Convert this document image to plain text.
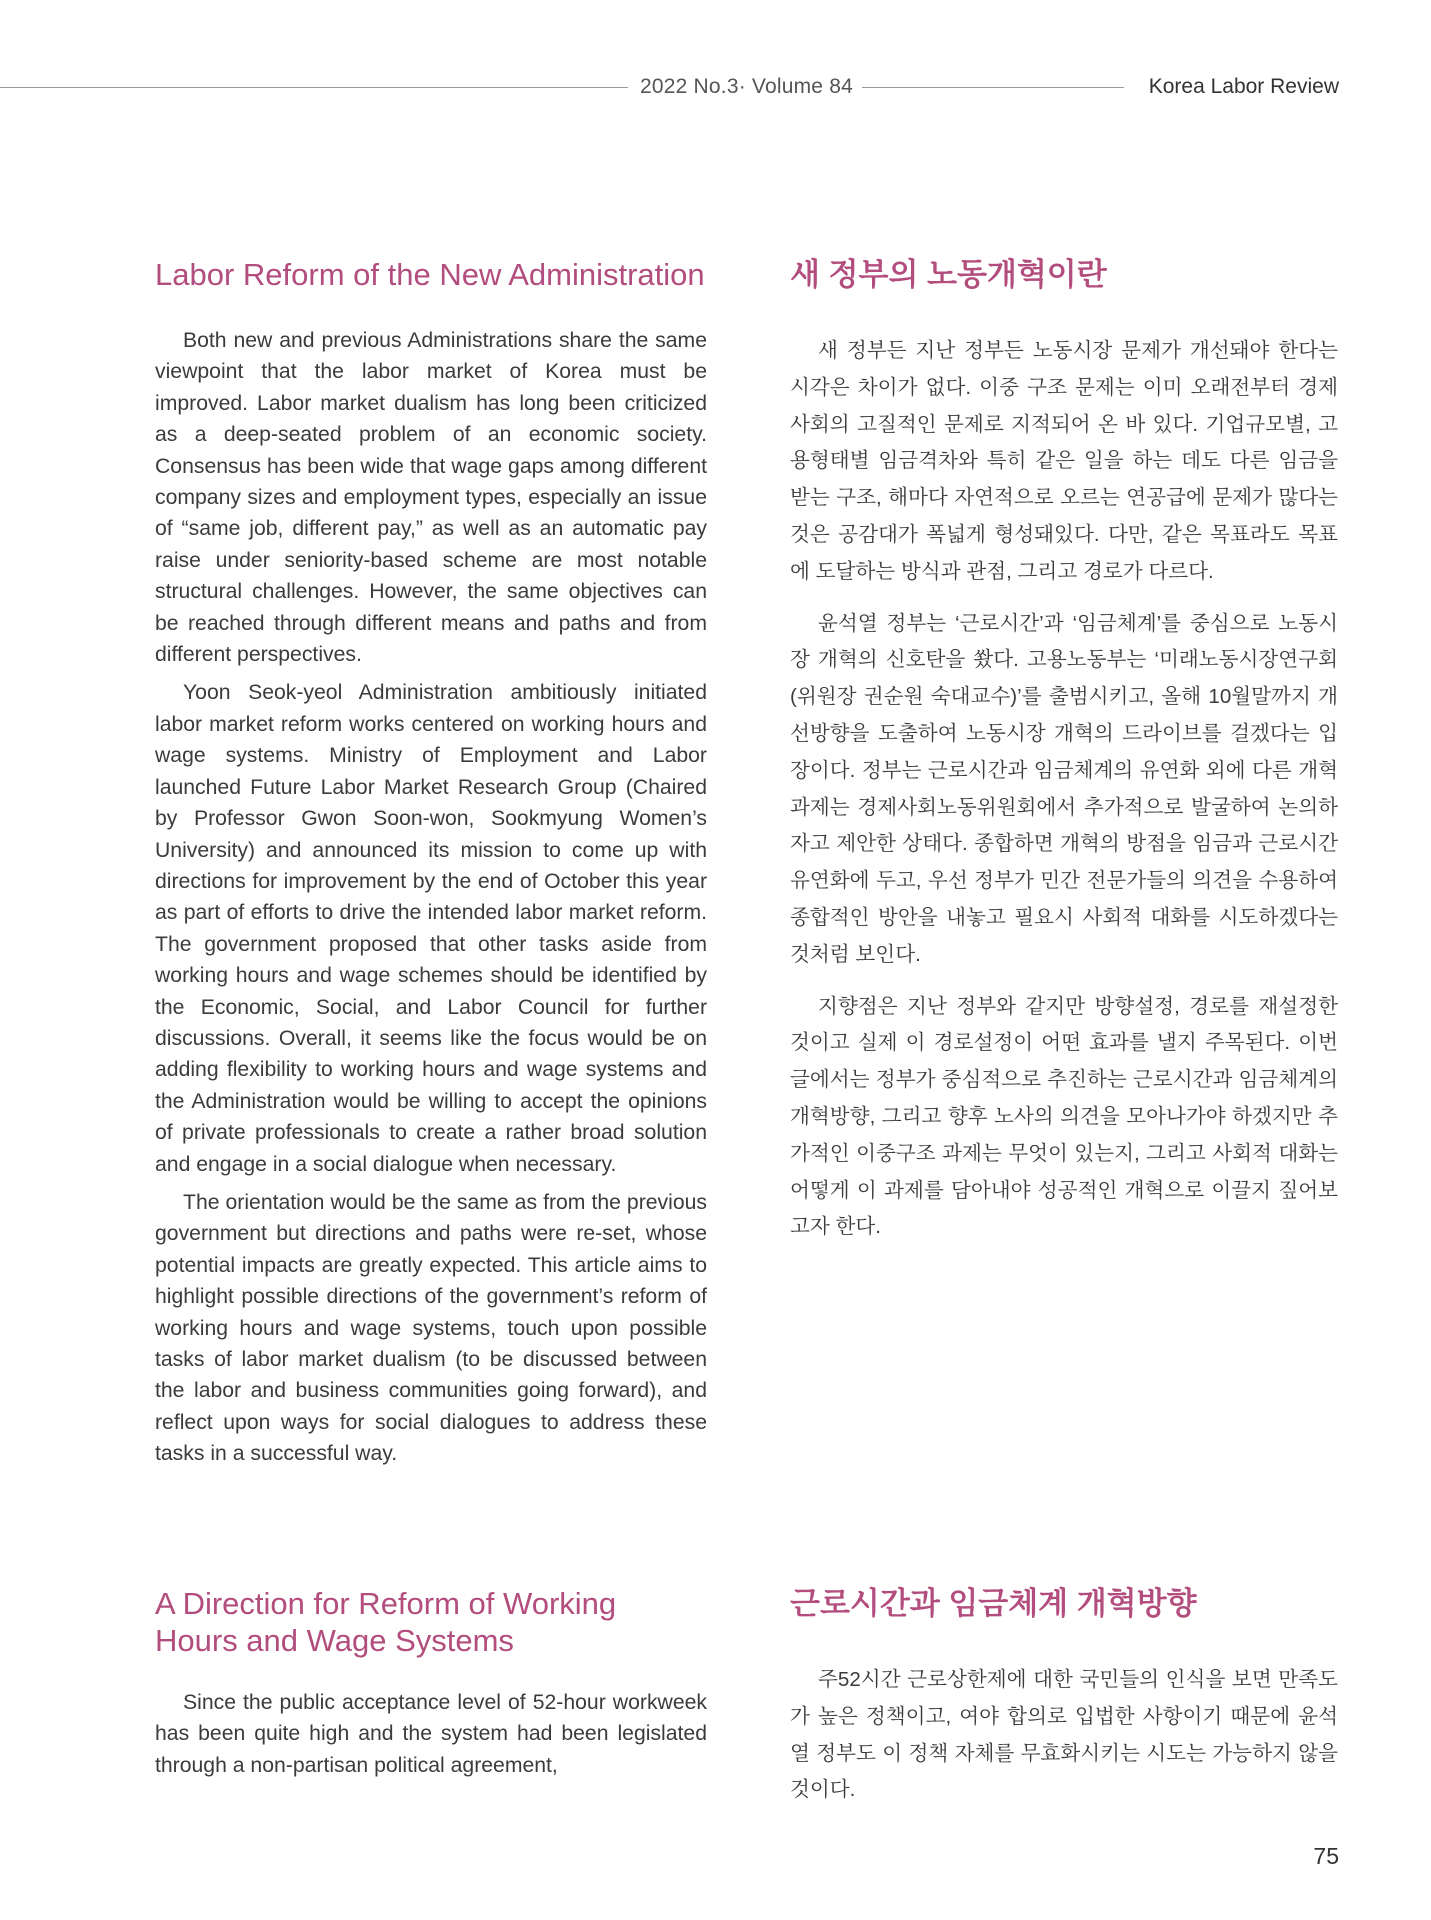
2022 No.3· Volume 84	Korea Labor Review
Labor Reform of the New Administration

Both new and previous Administrations share the same viewpoint that the labor market of Korea must be improved. Labor market dualism has long been criticized as a deep-seated problem of an economic society. Consensus has been wide that wage gaps among different company sizes and employment types, especially an issue of “same job, different pay,” as well as an automatic pay raise under seniority-based scheme are most notable structural challenges. However, the same objectives can be reached through different means and paths and from different perspectives.

Yoon Seok-yeol Administration ambitiously initiated labor market reform works centered on working hours and wage systems. Ministry of Employment and Labor launched Future Labor Market Research Group (Chaired by Professor Gwon Soon-won, Sookmyung Women’s University) and announced its mission to come up with directions for improvement by the end of October this year as part of efforts to drive the intended labor market reform. The government proposed that other tasks aside from working hours and wage schemes should be identified by the Economic, Social, and Labor Council for further discussions. Overall, it seems like the focus would be on adding flexibility to working hours and wage systems and the Administration would be willing to accept the opinions of private professionals to create a rather broad solution and engage in a social dialogue when necessary.

The orientation would be the same as from the previous government but directions and paths were re-set, whose potential impacts are greatly expected. This article aims to highlight possible directions of the government’s reform of working hours and wage systems, touch upon possible tasks of labor market dualism (to be discussed between the labor and business communities going forward), and reflect upon ways for social dialogues to address these tasks in a successful way.

새 정부의 노동개혁이란

새 정부든 지난 정부든 노동시장 문제가 개선돼야 한다는 시각은 차이가 없다. 이중 구조 문제는 이미 오래전부터 경제사회의 고질적인 문제로 지적되어 온 바 있다. 기업규모별, 고용형태별 임금격차와 특히 같은 일을 하는 데도 다른 임금을 받는 구조, 해마다 자연적으로 오르는 연공급에 문제가 많다는 것은 공감대가 폭넓게 형성돼있다. 다만, 같은 목표라도 목표에 도달하는 방식과 관점, 그리고 경로가 다르다.

윤석열 정부는 ‘근로시간’과 ‘임금체계’를 중심으로 노동시장 개혁의 신호탄을 쐈다. 고용노동부는 ‘미래노동시장연구회(위원장 권순원 숙대교수)’를 출범시키고, 올해 10월말까지 개선방향을 도출하여 노동시장 개혁의 드라이브를 걸겠다는 입장이다. 정부는 근로시간과 임금체계의 유연화 외에 다른 개혁과제는 경제사회노동위원회에서 추가적으로 발굴하여 논의하자고 제안한 상태다. 종합하면 개혁의 방점을 임금과 근로시간 유연화에 두고, 우선 정부가 민간 전문가들의 의견을 수용하여 종합적인 방안을 내놓고 필요시 사회적 대화를 시도하겠다는 것처럼 보인다.

지향점은 지난 정부와 같지만 방향설정, 경로를 재설정한 것이고 실제 이 경로설정이 어떤 효과를 낼지 주목된다. 이번 글에서는 정부가 중심적으로 추진하는 근로시간과 임금체계의 개혁방향, 그리고 향후 노사의 의견을 모아나가야 하겠지만 추가적인 이중구조 과제는 무엇이 있는지, 그리고 사회적 대화는 어떻게 이 과제를 담아내야 성공적인 개혁으로 이끌지 짚어보고자 한다.

A Direction for Reform of Working Hours and Wage Systems

Since the public acceptance level of 52-hour workweek has been quite high and the system had been legislated through a non-partisan political agreement,

근로시간과 임금체계 개혁방향

주52시간 근로상한제에 대한 국민들의 인식을 보면 만족도가 높은 정책이고, 여야 합의로 입법한 사항이기 때문에 윤석열 정부도 이 정책 자체를 무효화시키는 시도는 가능하지 않을 것이다.

75
